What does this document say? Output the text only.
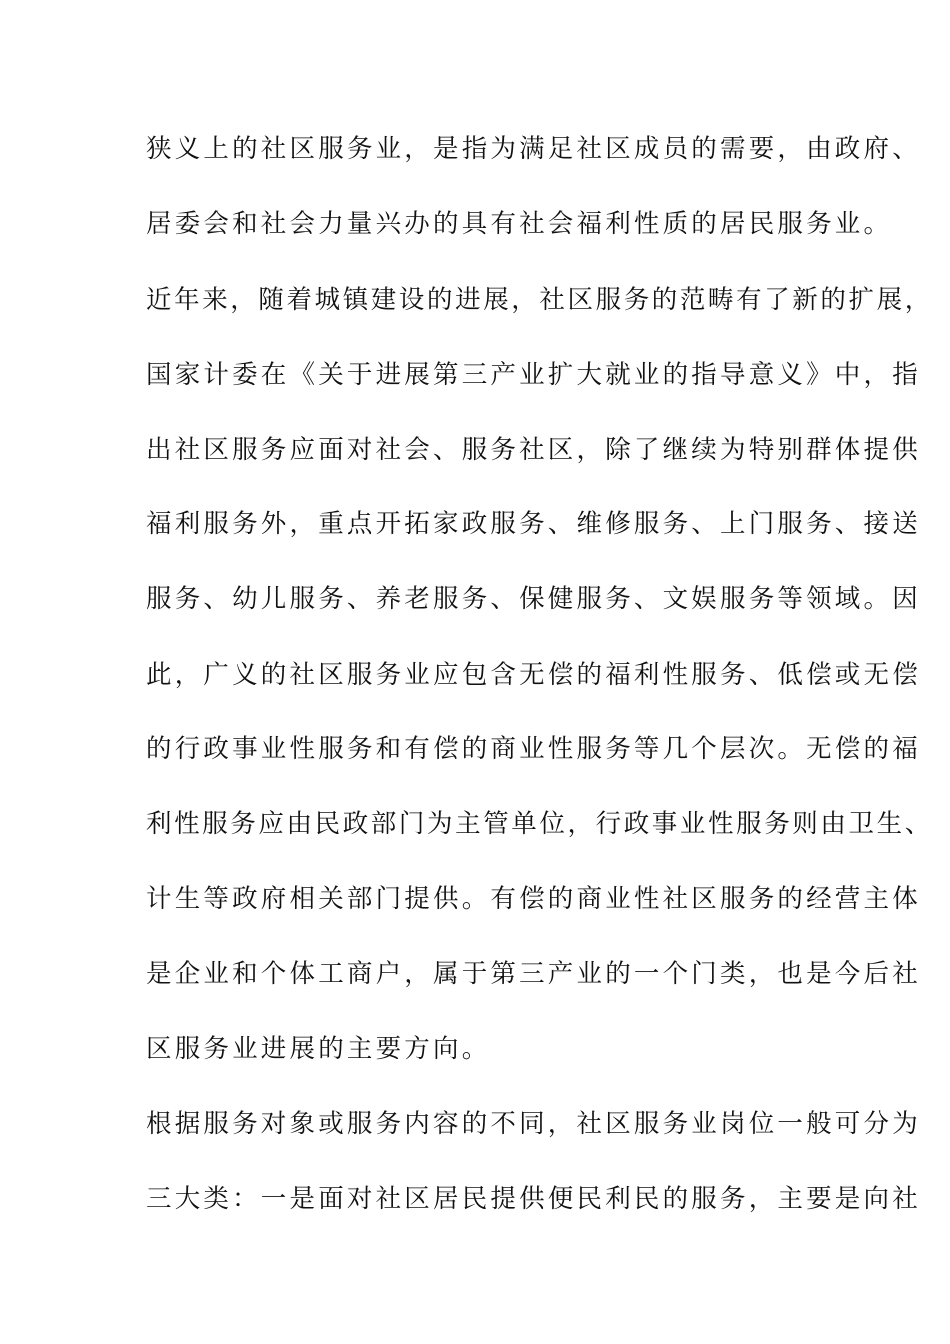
狭义上的社区服务业，是指为满足社区成员的需要，由政府、

居委会和社会力量兴办的具有社会福利性质的居民服务业。

近年来，随着城镇建设的进展，社区服务的范畴有了新的扩展，

国家计委在《关于进展第三产业扩大就业的指导意义》中，指

出社区服务应面对社会、服务社区，除了继续为特别群体提供

福利服务外，重点开拓家政服务、维修服务、上门服务、接送

服务、幼儿服务、养老服务、保健服务、文娱服务等领域。因

此，广义的社区服务业应包含无偿的福利性服务、低偿或无偿

的行政事业性服务和有偿的商业性服务等几个层次。无偿的福

利性服务应由民政部门为主管单位，行政事业性服务则由卫生、

计生等政府相关部门提供。有偿的商业性社区服务的经营主体

是企业和个体工商户，属于第三产业的一个门类，也是今后社

区服务业进展的主要方向。

根据服务对象或服务内容的不同，社区服务业岗位一般可分为

三大类：一是面对社区居民提供便民利民的服务，主要是向社
